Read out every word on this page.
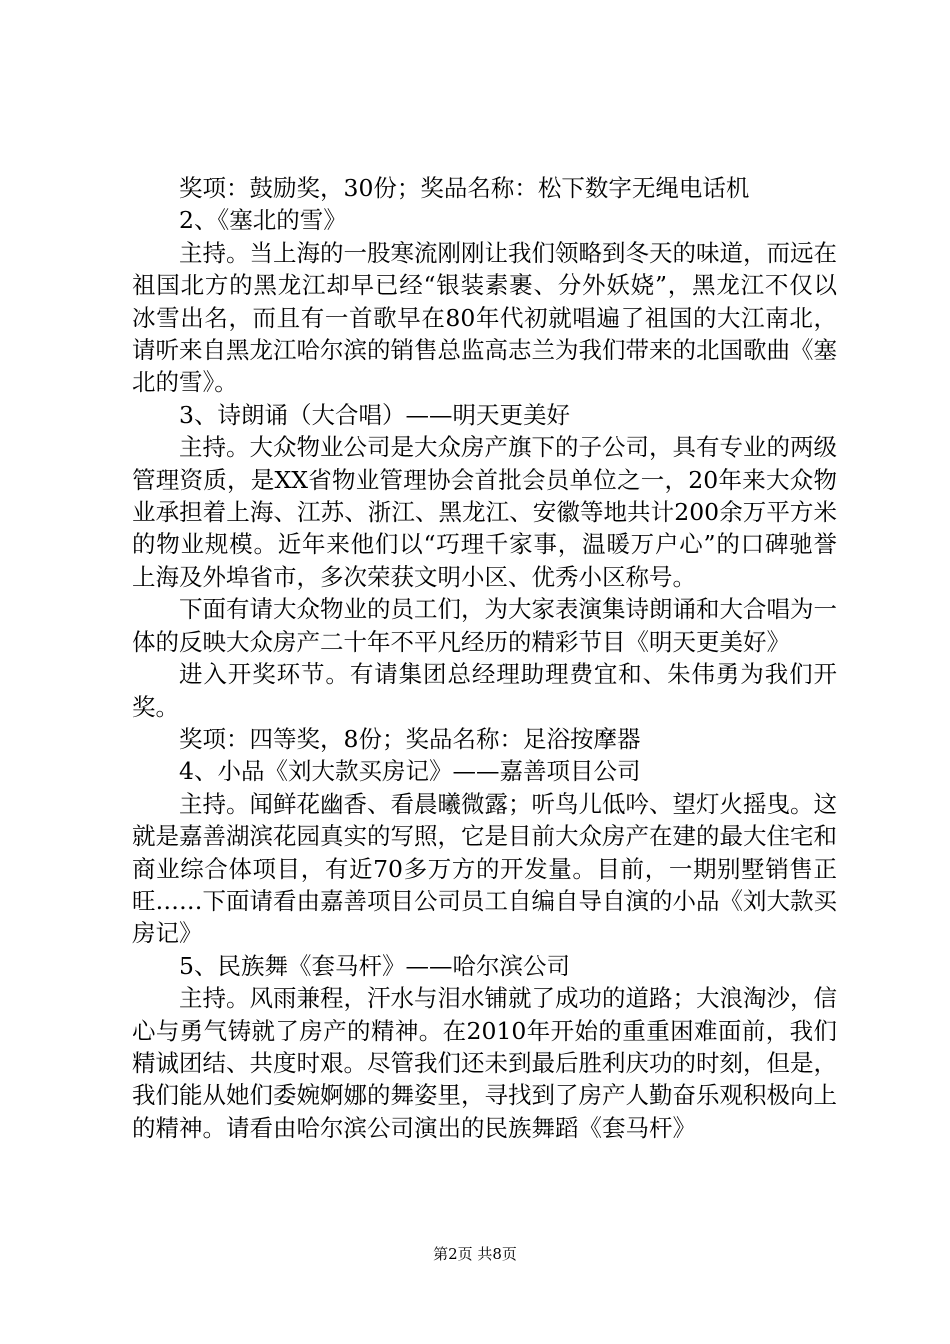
奖项：鼓励奖，30份；奖品名称：松下数字无绳电话机

2、《塞北的雪》

主持。当上海的一股寒流刚刚让我们领略到冬天的味道，而远在祖国北方的黑龙江却早已经“银装素裹、分外妖娆”，黑龙江不仅以冰雪出名，而且有一首歌早在80年代初就唱遍了祖国的大江南北，请听来自黑龙江哈尔滨的销售总监高志兰为我们带来的北国歌曲《塞北的雪》。

3、诗朗诵（大合唱）——明天更美好

主持。大众物业公司是大众房产旗下的子公司，具有专业的两级管理资质，是XX省物业管理协会首批会员单位之一，20年来大众物业承担着上海、江苏、浙江、黑龙江、安徽等地共计200余万平方米的物业规模。近年来他们以“巧理千家事，温暖万户心”的口碑驰誉上海及外埠省市，多次荣获文明小区、优秀小区称号。

下面有请大众物业的员工们，为大家表演集诗朗诵和大合唱为一体的反映大众房产二十年不平凡经历的精彩节目《明天更美好》

进入开奖环节。有请集团总经理助理费宜和、朱伟勇为我们开奖。

奖项：四等奖，8份；奖品名称：足浴按摩器

4、小品《刘大款买房记》——嘉善项目公司

主持。闻鲜花幽香、看晨曦微露；听鸟儿低吟、望灯火摇曳。这就是嘉善湖滨花园真实的写照，它是目前大众房产在建的最大住宅和商业综合体项目，有近70多万方的开发量。目前，一期别墅销售正旺……下面请看由嘉善项目公司员工自编自导自演的小品《刘大款买房记》

5、民族舞《套马杆》——哈尔滨公司

主持。风雨兼程，汗水与泪水铺就了成功的道路；大浪淘沙，信心与勇气铸就了房产的精神。在2010年开始的重重困难面前，我们精诚团结、共度时艰。尽管我们还未到最后胜利庆功的时刻，但是，我们能从她们委婉婀娜的舞姿里，寻找到了房产人勤奋乐观积极向上的精神。请看由哈尔滨公司演出的民族舞蹈《套马杆》

第2页 共8页
